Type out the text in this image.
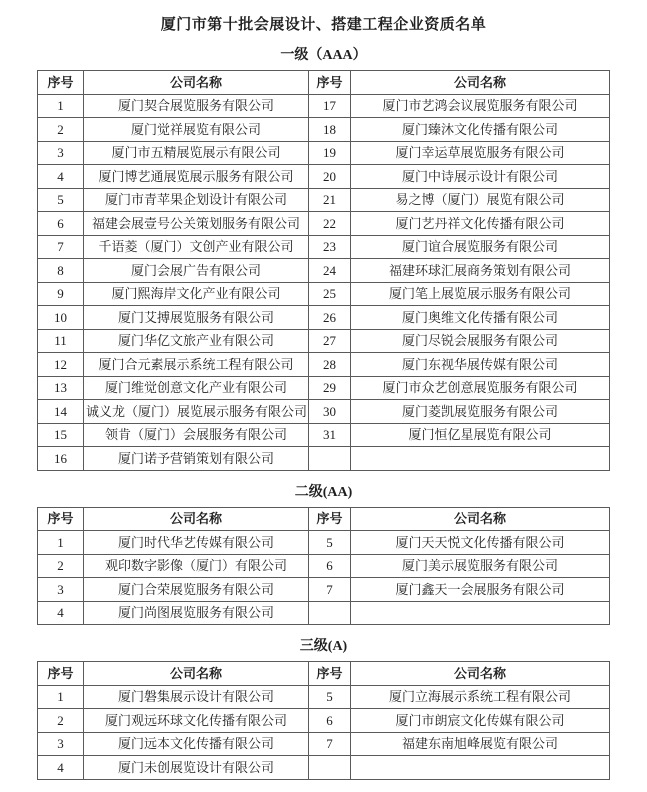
厦门市第十批会展设计、搭建工程企业资质名单
一级（AAA）
序号	公司名称	序号	公司名称
1	厦门契合展览服务有限公司	17	厦门市艺鸿会议展览服务有限公司
2	厦门觉祥展览有限公司	18	厦门臻沐文化传播有限公司
3	厦门市五精展览展示有限公司	19	厦门幸运草展览服务有限公司
4	厦门博艺通展览展示服务有限公司	20	厦门中诗展示设计有限公司
5	厦门市青苹果企划设计有限公司	21	易之博（厦门）展览有限公司
6	福建会展壹号公关策划服务有限公司	22	厦门艺丹祥文化传播有限公司
7	千语菱（厦门）文创产业有限公司	23	厦门谊合展览服务有限公司
8	厦门会展广告有限公司	24	福建环球汇展商务策划有限公司
9	厦门熙海岸文化产业有限公司	25	厦门笔上展览展示服务有限公司
10	厦门艾搏展览服务有限公司	26	厦门奥维文化传播有限公司
11	厦门华亿文旅产业有限公司	27	厦门尽锐会展服务有限公司
12	厦门合元素展示系统工程有限公司	28	厦门东视华展传媒有限公司
13	厦门维觉创意文化产业有限公司	29	厦门市众艺创意展览服务有限公司
14	诚义龙（厦门）展览展示服务有限公司	30	厦门菱凯展览服务有限公司
15	领肯（厦门）会展服务有限公司	31	厦门恒亿星展览有限公司
16	厦门诺予营销策划有限公司		
二级(AA)
序号	公司名称	序号	公司名称
1	厦门时代华艺传媒有限公司	5	厦门天天悦文化传播有限公司
2	观印数字影像（厦门）有限公司	6	厦门美示展览服务有限公司
3	厦门合荣展览服务有限公司	7	厦门鑫天一会展服务有限公司
4	厦门尚图展览服务有限公司		
三级(A)
序号	公司名称	序号	公司名称
1	厦门磐集展示设计有限公司	5	厦门立海展示系统工程有限公司
2	厦门观远环球文化传播有限公司	6	厦门市朗宸文化传媒有限公司
3	厦门远本文化传播有限公司	7	福建东南旭峰展览有限公司
4	厦门未创展览设计有限公司		
